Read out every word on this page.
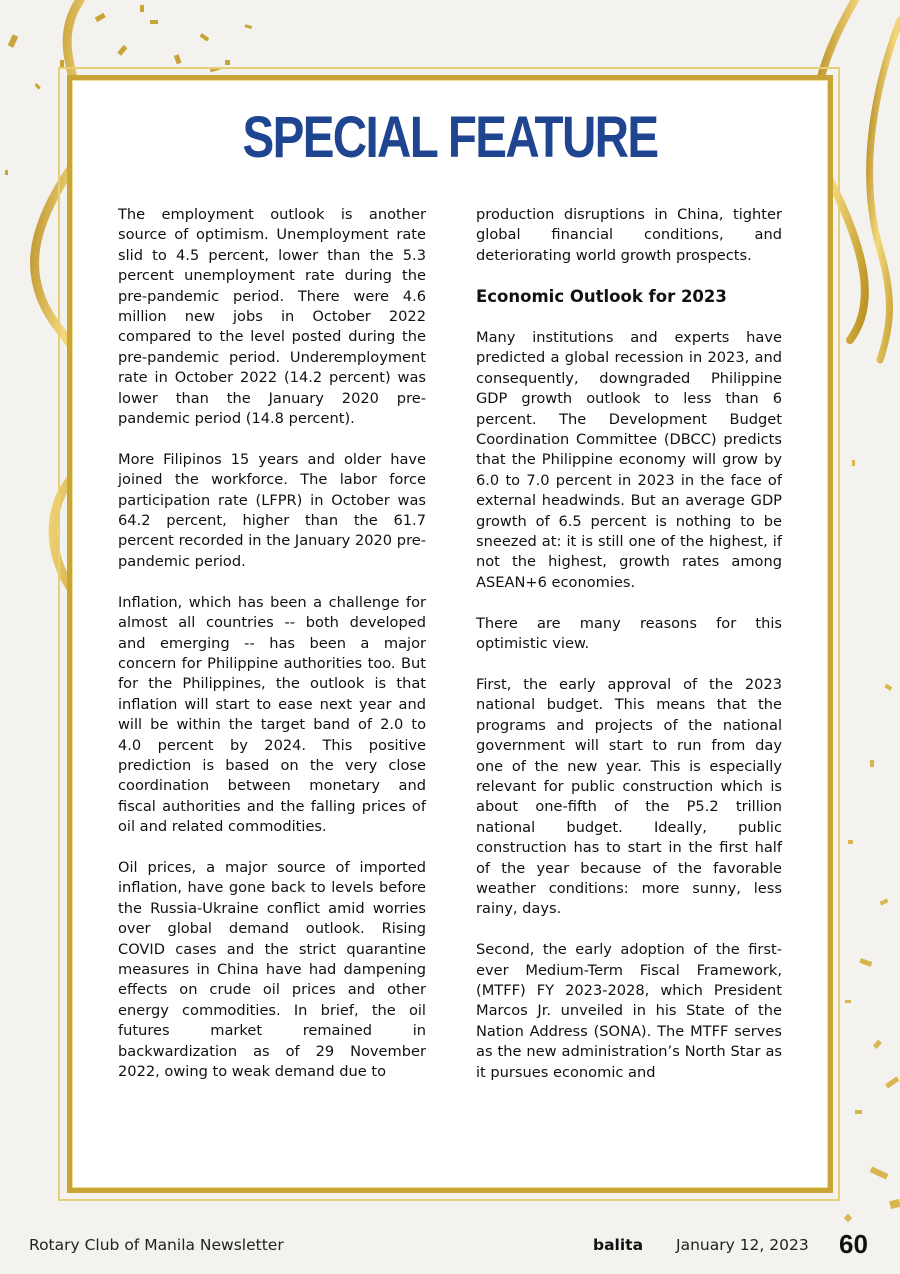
SPECIAL FEATURE

The employment outlook is another source of optimism. Unemployment rate slid to 4.5 percent, lower than the 5.3 percent unemployment rate during the pre-pandemic period. There were 4.6 million new jobs in October 2022 compared to the level posted during the pre-pandemic period. Underemployment rate in October 2022 (14.2 percent) was lower than the January 2020 pre-pandemic period (14.8 percent).

More Filipinos 15 years and older have joined the workforce. The labor force participation rate (LFPR) in October was 64.2 percent, higher than the 61.7 percent recorded in the January 2020 pre-pandemic period.

Inflation, which has been a challenge for almost all countries -- both developed and emerging -- has been a major concern for Philippine authorities too. But for the Philippines, the outlook is that inflation will start to ease next year and will be within the target band of 2.0 to 4.0 percent by 2024. This positive prediction is based on the very close coordination between monetary and fiscal authorities and the falling prices of oil and related commodities.

Oil prices, a major source of imported inflation, have gone back to levels before the Russia-Ukraine conflict amid worries over global demand outlook. Rising COVID cases and the strict quarantine measures in China have had dampening effects on crude oil prices and other energy commodities. In brief, the oil futures market remained in backwardization as of 29 November 2022, owing to weak demand due to

production disruptions in China, tighter global financial conditions, and deteriorating world growth prospects.

Economic Outlook for 2023

Many institutions and experts have predicted a global recession in 2023, and consequently, downgraded Philippine GDP growth outlook to less than 6 percent. The Development Budget Coordination Committee (DBCC) predicts that the Philippine economy will grow by 6.0 to 7.0 percent in 2023 in the face of external headwinds. But an average GDP growth of 6.5 percent is nothing to be sneezed at: it is still one of the highest, if not the highest, growth rates among ASEAN+6 economies.

There are many reasons for this optimistic view.

First, the early approval of the 2023 national budget. This means that the programs and projects of the national government will start to run from day one of the new year. This is especially relevant for public construction which is about one-fifth of the P5.2 trillion national budget. Ideally, public construction has to start in the first half of the year because of the favorable weather conditions: more sunny, less rainy, days.

Second, the early adoption of the first-ever Medium-Term Fiscal Framework, (MTFF) FY 2023-2028, which President Marcos Jr. unveiled in his State of the Nation Address (SONA). The MTFF serves as the new administration’s North Star as it pursues economic and

Rotary Club of Manila Newsletter	balita January 12, 2023 60
